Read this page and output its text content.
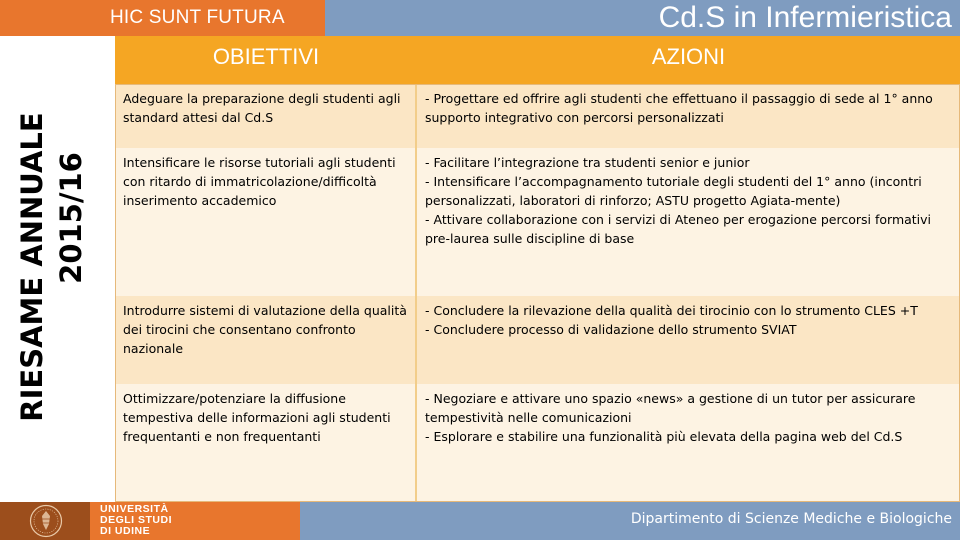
HIC SUNT FUTURA	Cd.S in Infermieristica
RIESAME ANNUALE 2015/16
OBIETTIVI	AZIONI
Adeguare la preparazione degli studenti agli standard attesi dal Cd.S
- Progettare ed offrire agli studenti che effettuano il passaggio di sede al 1° anno supporto integrativo con percorsi personalizzati
Intensificare le risorse tutoriali agli studenti con ritardo di immatricolazione/difficoltà inserimento accademico
- Facilitare l’integrazione tra studenti senior e junior
- Intensificare l’accompagnamento tutoriale degli studenti del 1° anno (incontri personalizzati, laboratori di rinforzo; ASTU progetto Agiata-mente)
- Attivare collaborazione con i servizi di Ateneo per erogazione percorsi formativi pre-laurea sulle discipline di base
Introdurre sistemi di valutazione della qualità dei tirocini che consentano confronto nazionale
- Concludere la rilevazione della qualità dei tirocinio con lo strumento CLES +T
- Concludere processo di validazione dello strumento SVIAT
Ottimizzare/potenziare la diffusione tempestiva delle informazioni agli studenti frequentanti e non frequentanti
- Negoziare e attivare uno spazio «news» a gestione di un tutor per assicurare tempestività nelle comunicazioni
- Esplorare e stabilire una funzionalità più elevata della pagina web del Cd.S
UNIVERSITÀ
DEGLI STUDI
DI UDINE
Dipartimento di Scienze Mediche e Biologiche
